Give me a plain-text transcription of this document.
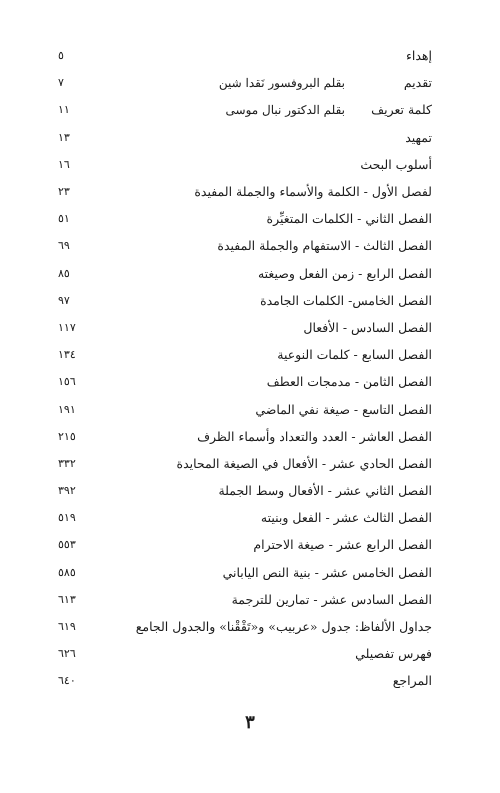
إهداء
٥
تقديم
بقلم البروفسور نَقدا شين
٧
كلمة تعريف
بقلم الدكتور نبال موسى
١١
تمهيد
١٣
أسلوب البحث
١٦
لفصل الأول - الكلمة والأسماء والجملة المفيدة
٢٣
الفصل الثاني - الكلمات المتغيِّرة
٥١
الفصل الثالث - الاستفهام والجملة المفيدة
٦٩
الفصل الرابع - زمن الفعل وصيغته
٨٥
الفصل الخامس- الكلمات الجامدة
٩٧
الفصل السادس - الأفعال
١١٧
الفصل السابع - كلمات النوعية
١٣٤
الفصل الثامن - مدمجات العطف
١٥٦
الفصل التاسع - صيغة نفي الماضي
١٩١
الفصل العاشر - العدد والتعداد وأسماء الظرف
٢١٥
الفصل الحادي عشر - الأفعال في الصيغة المحايدة
٣٣٢
الفصل الثاني عشر - الأفعال وسط الجملة
٣٩٢
الفصل الثالث عشر - الفعل وبنيته
٥١٩
الفصل الرابع عشر - صيغة الاحترام
٥٥٣
الفصل الخامس عشر - بنية النص الياباني
٥٨٥
الفصل السادس عشر - تمارين للترجمة
٦١٣
جداول الألفاظ: جدول «عربيب» و«تَقْقْنا» والجدول الجامع
٦١٩
فهرس تفصيلي
٦٢٦
المراجع
٦٤٠
٣
